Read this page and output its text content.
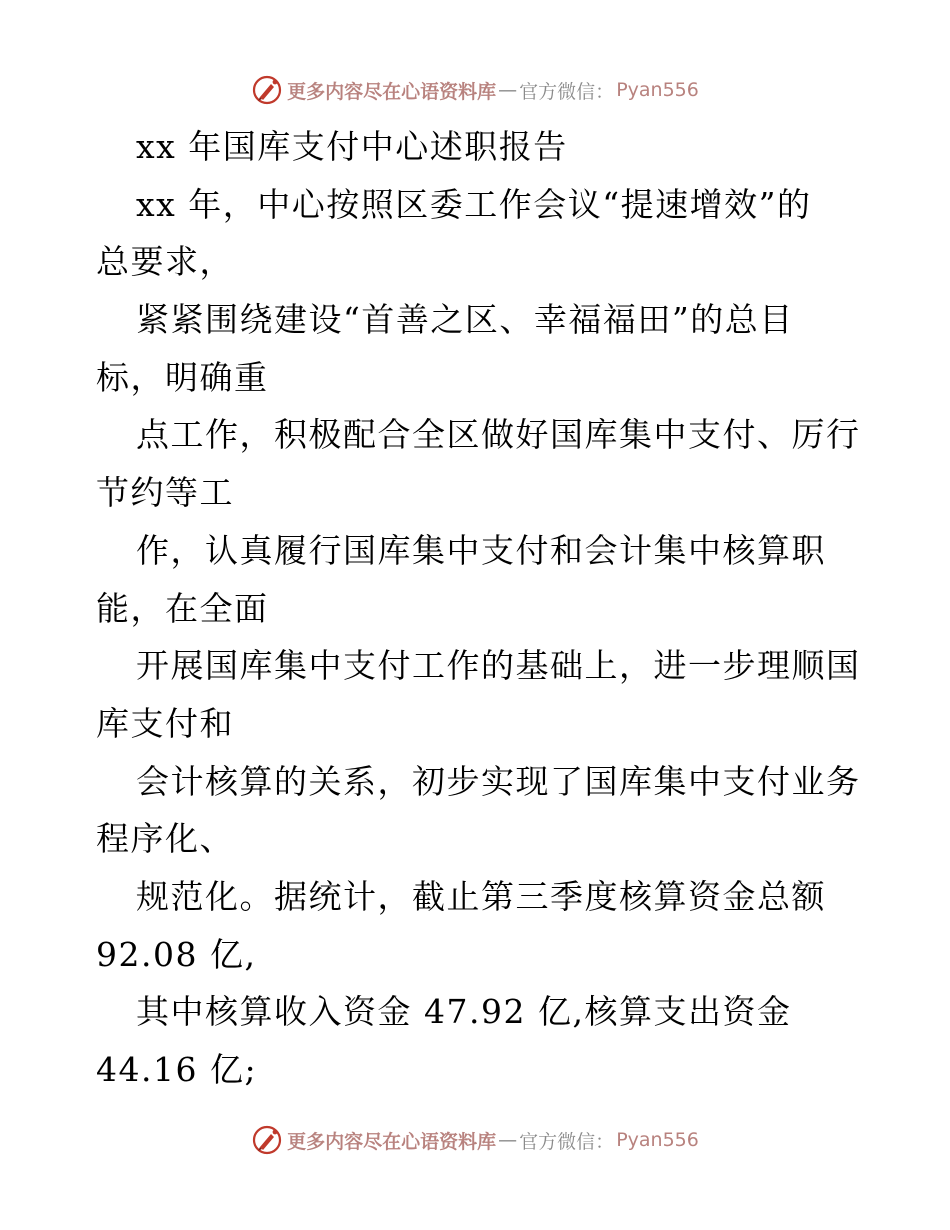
更多内容尽在心语资料库 — 官方微信： Pyan556
xx 年国库支付中心述职报告
xx 年，中心按照区委工作会议“提速增效”的
总要求，
紧紧围绕建设“首善之区、幸福福田”的总目
标，明确重
点工作，积极配合全区做好国库集中支付、厉行
节约等工
作，认真履行国库集中支付和会计集中核算职
能，在全面
开展国库集中支付工作的基础上，进一步理顺国
库支付和
会计核算的关系，初步实现了国库集中支付业务
程序化、
规范化。据统计，截止第三季度核算资金总额
92.08 亿,
其中核算收入资金 47.92 亿,核算支出资金
44.16 亿;
更多内容尽在心语资料库 — 官方微信： Pyan556
